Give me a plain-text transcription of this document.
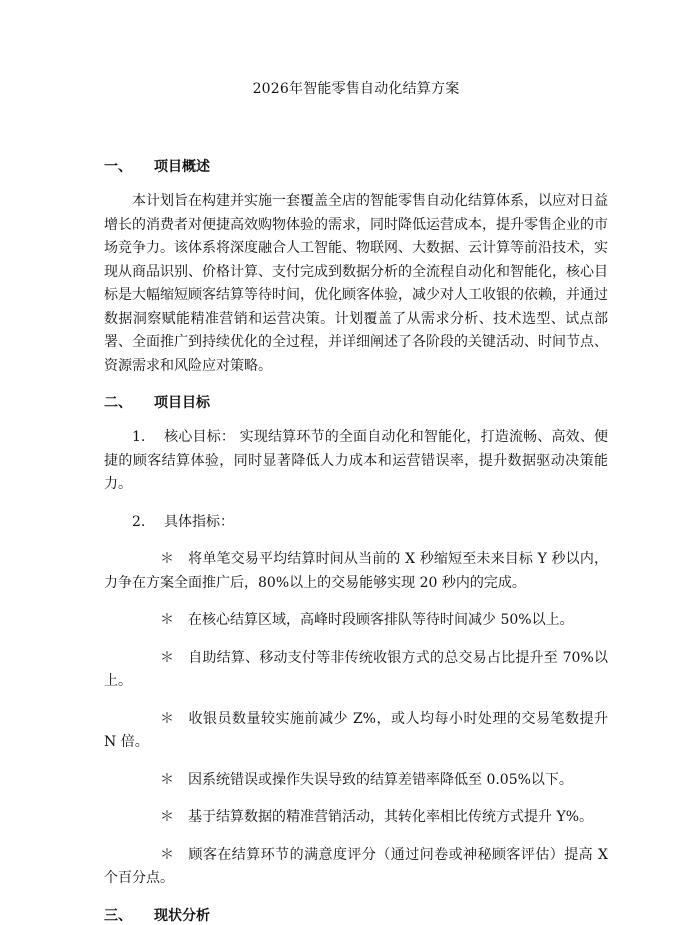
2026年智能零售自动化结算方案
一、	项目概述

本计划旨在构建并实施一套覆盖全店的智能零售自动化结算体系，以应对日益增长的消费者对便捷高效购物体验的需求，同时降低运营成本，提升零售企业的市场竞争力。该体系将深度融合人工智能、物联网、大数据、云计算等前沿技术，实现从商品识别、价格计算、支付完成到数据分析的全流程自动化和智能化，核心目标是大幅缩短顾客结算等待时间，优化顾客体验，减少对人工收银的依赖，并通过数据洞察赋能精准营销和运营决策。计划覆盖了从需求分析、技术选型、试点部署、全面推广到持续优化的全过程，并详细阐述了各阶段的关键活动、时间节点、资源需求和风险应对策略。

二、	项目目标

1. 核心目标： 实现结算环节的全面自动化和智能化，打造流畅、高效、便捷的顾客结算体验，同时显著降低人力成本和运营错误率，提升数据驱动决策能力。

2. 具体指标：

＊ 将单笔交易平均结算时间从当前的 X 秒缩短至未来目标 Y 秒以内，力争在方案全面推广后，80%以上的交易能够实现 20 秒内的完成。

＊ 在核心结算区域，高峰时段顾客排队等待时间减少 50%以上。

＊ 自助结算、移动支付等非传统收银方式的总交易占比提升至 70%以上。

＊ 收银员数量较实施前减少 Z%，或人均每小时处理的交易笔数提升 N 倍。

＊ 因系统错误或操作失误导致的结算差错率降低至 0.05%以下。

＊ 基于结算数据的精准营销活动，其转化率相比传统方式提升 Y%。

＊ 顾客在结算环节的满意度评分（通过问卷或神秘顾客评估）提高 X 个百分点。

三、	现状分析
